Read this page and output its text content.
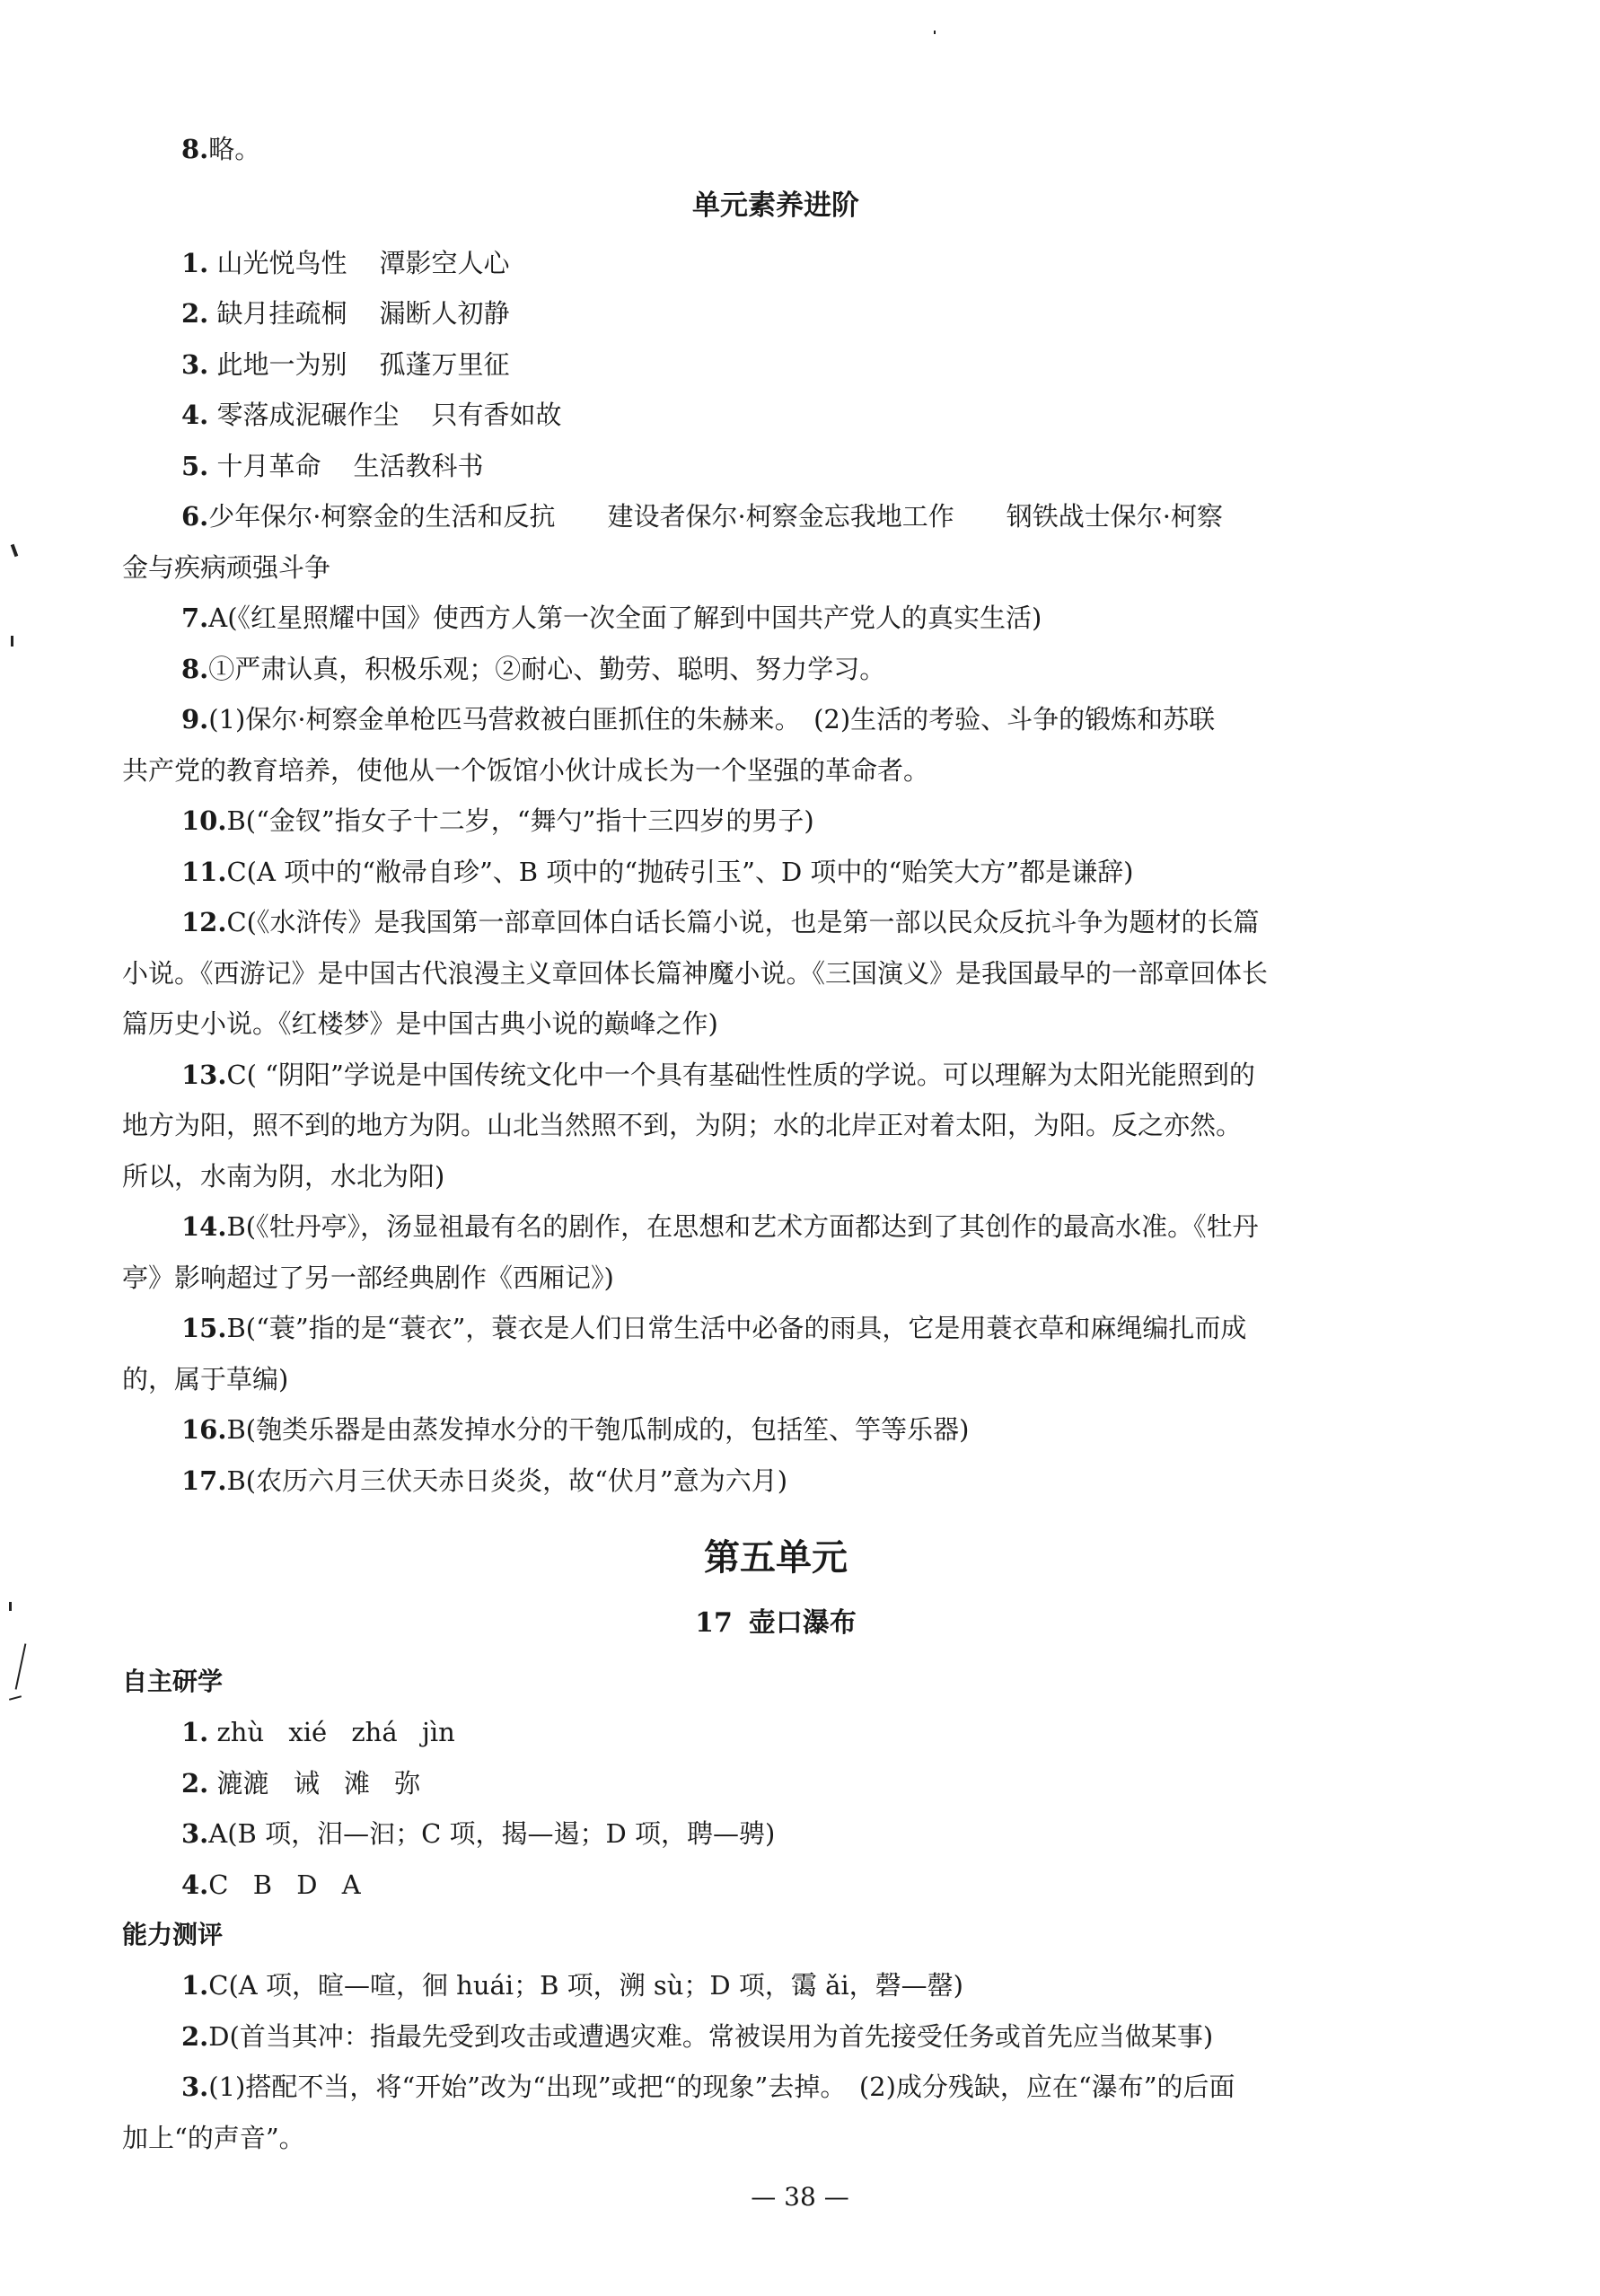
8.略。
单元素养进阶
1. 山光悦鸟性 潭影空人心
2. 缺月挂疏桐 漏断人初静
3. 此地一为别 孤蓬万里征
4. 零落成泥碾作尘 只有香如故
5. 十月革命 生活教科书
6.少年保尔·柯察金的生活和反抗　　建设者保尔·柯察金忘我地工作　　钢铁战士保尔·柯察
金与疾病顽强斗争
7.A(《红星照耀中国》使西方人第一次全面了解到中国共产党人的真实生活)
8.①严肃认真，积极乐观；②耐心、勤劳、聪明、努力学习。
9.(1)保尔·柯察金单枪匹马营救被白匪抓住的朱赫来。　(2)生活的考验、斗争的锻炼和苏联
共产党的教育培养，使他从一个饭馆小伙计成长为一个坚强的革命者。
10.B(“金钗”指女子十二岁，“舞勺”指十三四岁的男子)
11.C(A 项中的“敝帚自珍”、B 项中的“抛砖引玉”、D 项中的“贻笑大方”都是谦辞)
12.C(《水浒传》是我国第一部章回体白话长篇小说，也是第一部以民众反抗斗争为题材的长篇
小说。《西游记》是中国古代浪漫主义章回体长篇神魔小说。《三国演义》是我国最早的一部章回体长
篇历史小说。《红楼梦》是中国古典小说的巅峰之作)
13.C( “阴阳”学说是中国传统文化中一个具有基础性性质的学说。可以理解为太阳光能照到的
地方为阳，照不到的地方为阴。山北当然照不到，为阴；水的北岸正对着太阳，为阳。反之亦然。
所以，水南为阴，水北为阳)
14.B(《牡丹亭》，汤显祖最有名的剧作，在思想和艺术方面都达到了其创作的最高水准。《牡丹
亭》影响超过了另一部经典剧作《西厢记》)
15.B(“蓑”指的是“蓑衣”，蓑衣是人们日常生活中必备的雨具，它是用蓑衣草和麻绳编扎而成
的，属于草编)
16.B(匏类乐器是由蒸发掉水分的干匏瓜制成的，包括笙、竽等乐器)
17.B(农历六月三伏天赤日炎炎，故“伏月”意为六月)
第五单元
17 壶口瀑布
自主研学
1. zhù xié zhá jìn
2. 漉漉 诫 滩 弥
3.A(B 项，汨—汩；C 项，揭—遏；D 项，聘—骋)
4.C B D A
能力测评
1.C(A 项，暄—喧，徊 huái；B 项，溯 sù；D 项，霭 ǎi，磬—罄)
2.D(首当其冲：指最先受到攻击或遭遇灾难。常被误用为首先接受任务或首先应当做某事)
3.(1)搭配不当，将“开始”改为“出现”或把“的现象”去掉。　(2)成分残缺，应在“瀑布”的后面
加上“的声音”。
— 38 —
